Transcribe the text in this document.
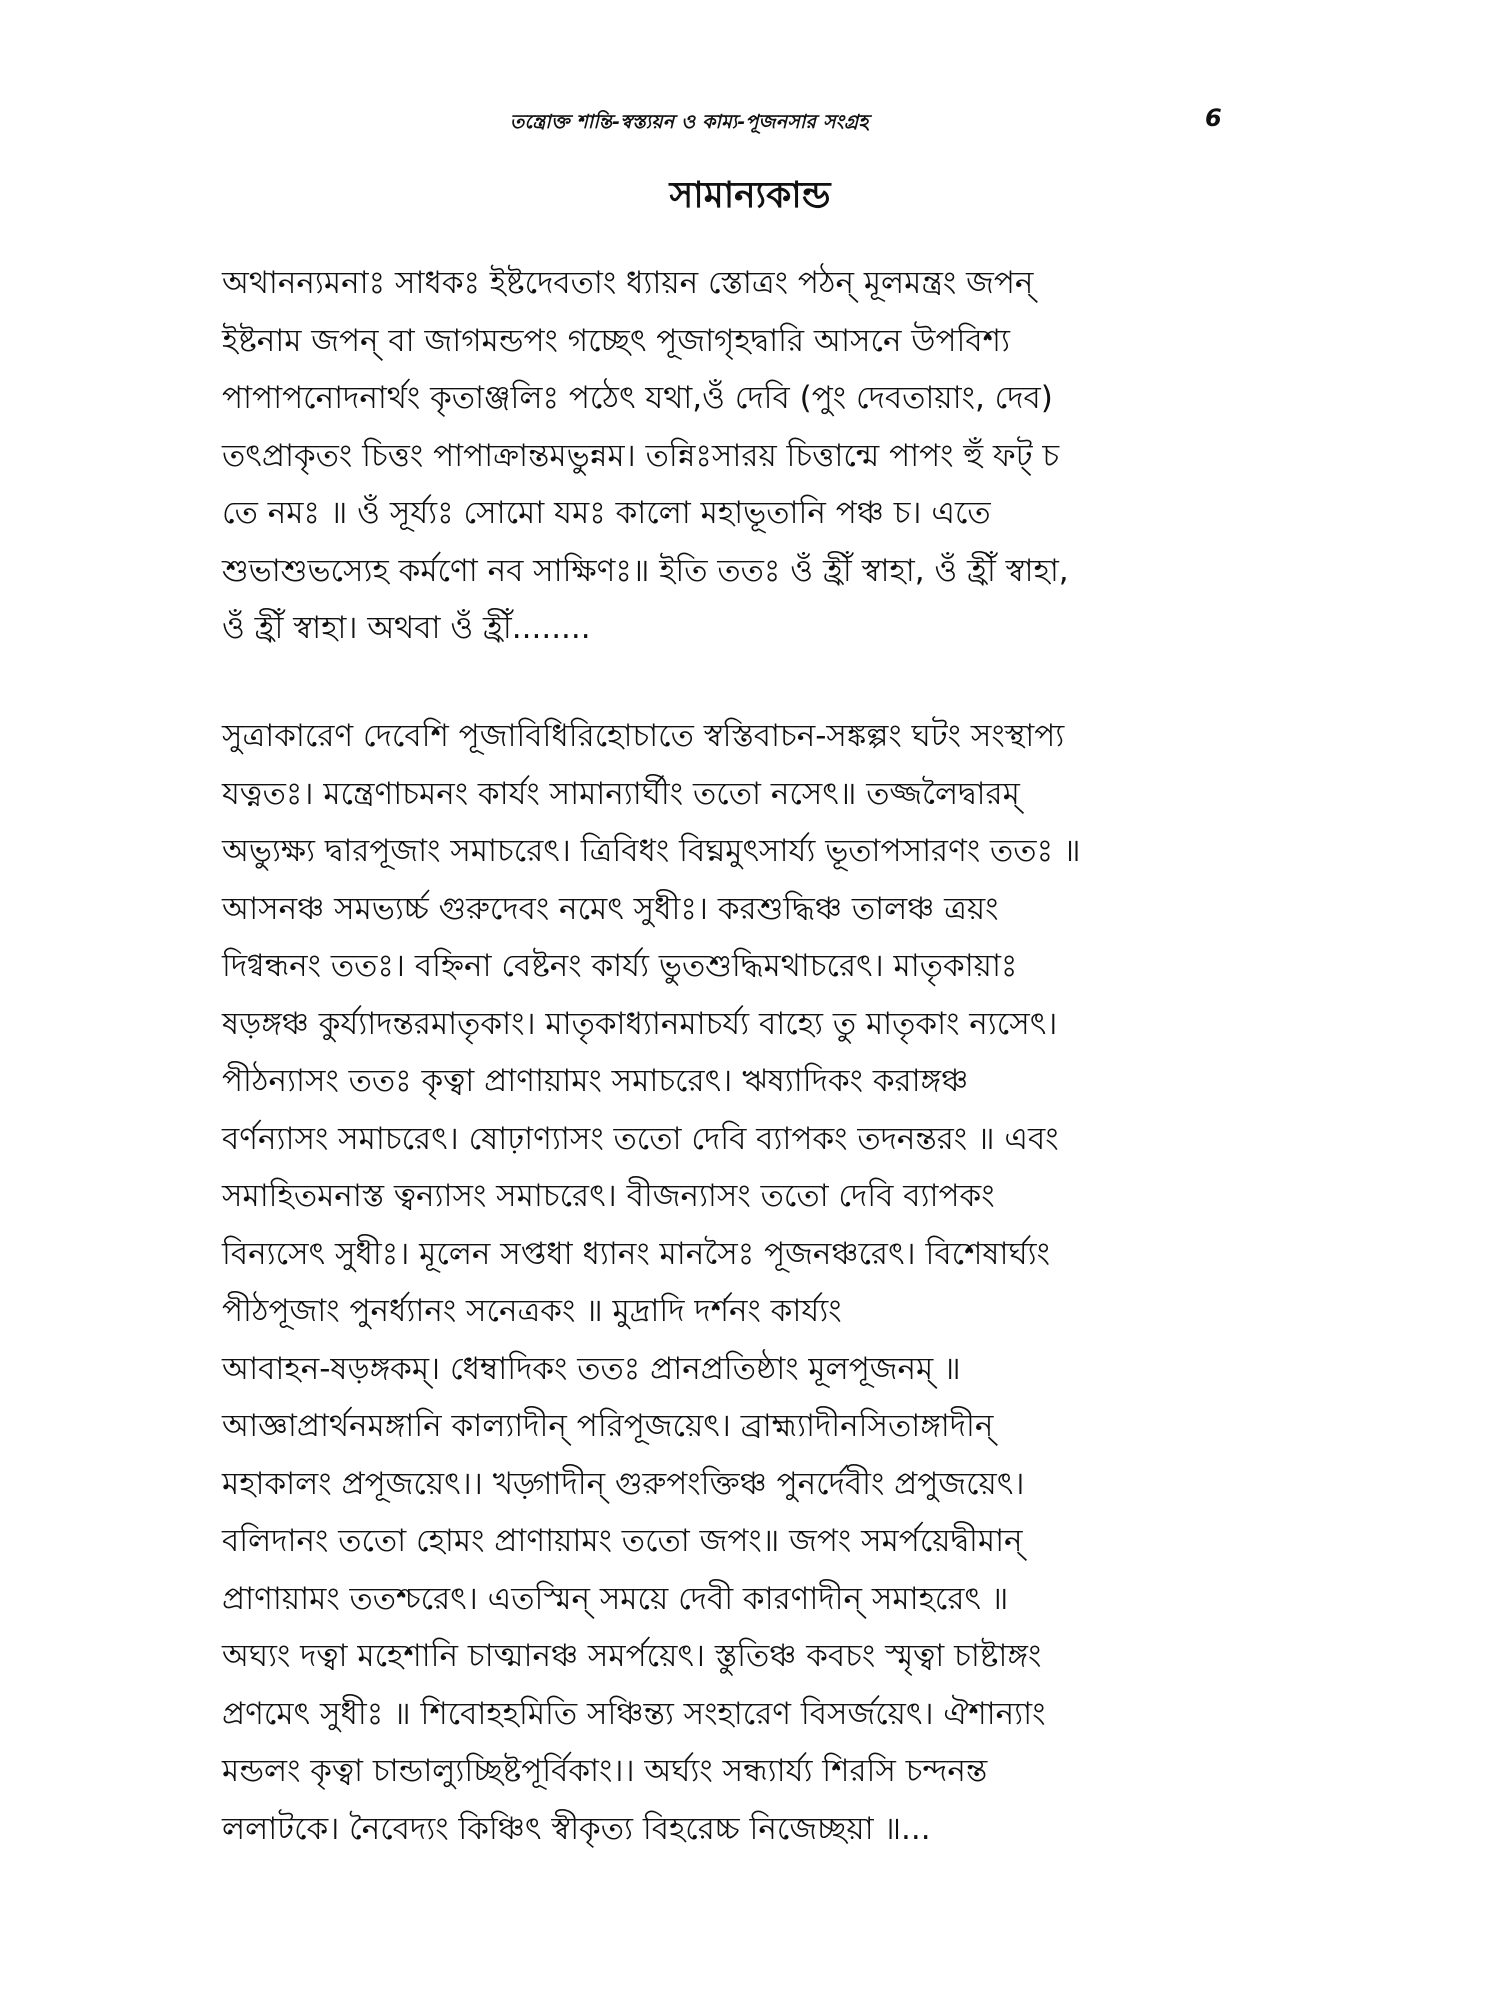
তন্ত্রোক্ত শান্তি-স্বস্ত্যয়ন ও কাম্য-পূজনসার সংগ্রহ	6
সামান্যকান্ড
অথানন্যমনাঃ সাধকঃ ইষ্টদেবতাং ধ্যায়ন স্তোত্রং পঠন্ মূলমন্ত্রং জপন্
ইষ্টনাম জপন্ বা জাগমন্ডপং গচ্ছেৎ পূজাগৃহদ্বারি আসনে উপবিশ্য
পাপাপনোদনার্থং কৃতাঞ্জলিঃ পঠেৎ যথা,ওঁ দেবি (পুং দেবতায়াং, দেব)
তৎপ্রাকৃতং চিত্তং পাপাক্রান্তমভুন্নম। তন্নিঃসারয় চিত্তান্মে পাপং হুঁ ফট্ চ
তে নমঃ ॥ ওঁ সূর্য্যঃ সোমো যমঃ কালো মহাভূতানি পঞ্চ চ। এতে
শুভাশুভস্যেহ কর্মণো নব সাক্ষিণঃ॥ ইতি ততঃ ওঁ হ্রীঁ স্বাহা, ওঁ হ্রীঁ স্বাহা,
ওঁ হ্রীঁ স্বাহা। অথবা ওঁ হ্রীঁ........
সুত্রাকারেণ দেবেশি পূজাবিধিরিহোচাতে স্বস্তিবাচন-সঙ্কল্পং ঘটং সংস্থাপ্য
যত্নতঃ। মন্ত্রেণাচমনং কার্যং সামান্যার্ঘীং ততো নসেৎ॥ তজ্জলৈদ্বারম্
অভ্যুক্ষ্য দ্বারপূজাং সমাচরেৎ। ত্রিবিধং বিঘ্নমুৎসার্য্য ভূতাপসারণং ততঃ ॥
আসনঞ্চ সমভ্যর্চ্চ গুরুদেবং নমেৎ সুধীঃ। করশুদ্ধিঞ্চ তালঞ্চ ত্রয়ং
দিগ্বন্ধনং ততঃ। বহ্নিনা বেষ্টনং কার্য্য ভুতশুদ্ধিমথাচরেৎ। মাতৃকায়াঃ
ষড়ঙ্গঞ্চ কুর্য্যাদন্তরমাতৃকাং। মাতৃকাধ্যানমাচর্য্য বাহ্যে তু মাতৃকাং ন্যসেৎ।
পীঠন্যাসং ততঃ কৃত্বা প্রাণায়ামং সমাচরেৎ। ঋষ্যাদিকং করাঙ্গঞ্চ
বর্ণন্যাসং সমাচরেৎ। ষোঢ়াণ্যাসং ততো দেবি ব্যাপকং তদনন্তরং ॥ এবং
সমাহিতমনাস্ত ত্বন্যাসং সমাচরেৎ। বীজন্যাসং ততো দেবি ব্যাপকং
বিন্যসেৎ সুধীঃ। মূলেন সপ্তধা ধ্যানং মানসৈঃ পূজনঞ্চরেৎ। বিশেষার্ঘ্যং
পীঠপূজাং পুনর্ধ্যানং সনেত্রকং ॥ মুদ্রাদি দর্শনং কার্য্যং
আবাহন-ষড়ঙ্গকম্। ধেম্বাদিকং ততঃ প্রানপ্রতিষ্ঠাং মূলপূজনম্ ॥
আজ্ঞাপ্রার্থনমঙ্গানি কাল্যাদীন্ পরিপূজয়েৎ। ব্রাহ্ম্যাদীনসিতাঙ্গাদীন্
মহাকালং প্রপূজয়েৎ।। খড়্গাদীন্ গুরুপংক্তিঞ্চ পুনর্দেবীং প্রপুজয়েৎ।
বলিদানং ততো হোমং প্রাণায়ামং ততো জপং॥ জপং সমর্পয়েদ্বীমান্
প্রাণায়ামং ততশ্চরেৎ। এতস্মিন্ সময়ে দেবী কারণাদীন্ সমাহরেৎ ॥
অঘ্যং দত্বা মহেশানি চাত্মানঞ্চ সমর্পয়েৎ। স্তুতিঞ্চ কবচং স্মৃত্বা চাষ্টাঙ্গং
প্রণমেৎ সুধীঃ ॥ শিবোহহমিতি সঞ্চিন্ত্য সংহারেণ বিসর্জয়েৎ। ঐশান্যাং
মন্ডলং কৃত্বা চান্ডাল্যুচ্ছিষ্টপূর্বিকাং।। অর্ঘ্যং সন্ধ্যার্য্য শিরসি চন্দনন্ত
ললাটকে। নৈবেদ্যং কিঞ্চিৎ স্বীকৃত্য বিহরেচ্চ নিজেচ্ছয়া ॥...
